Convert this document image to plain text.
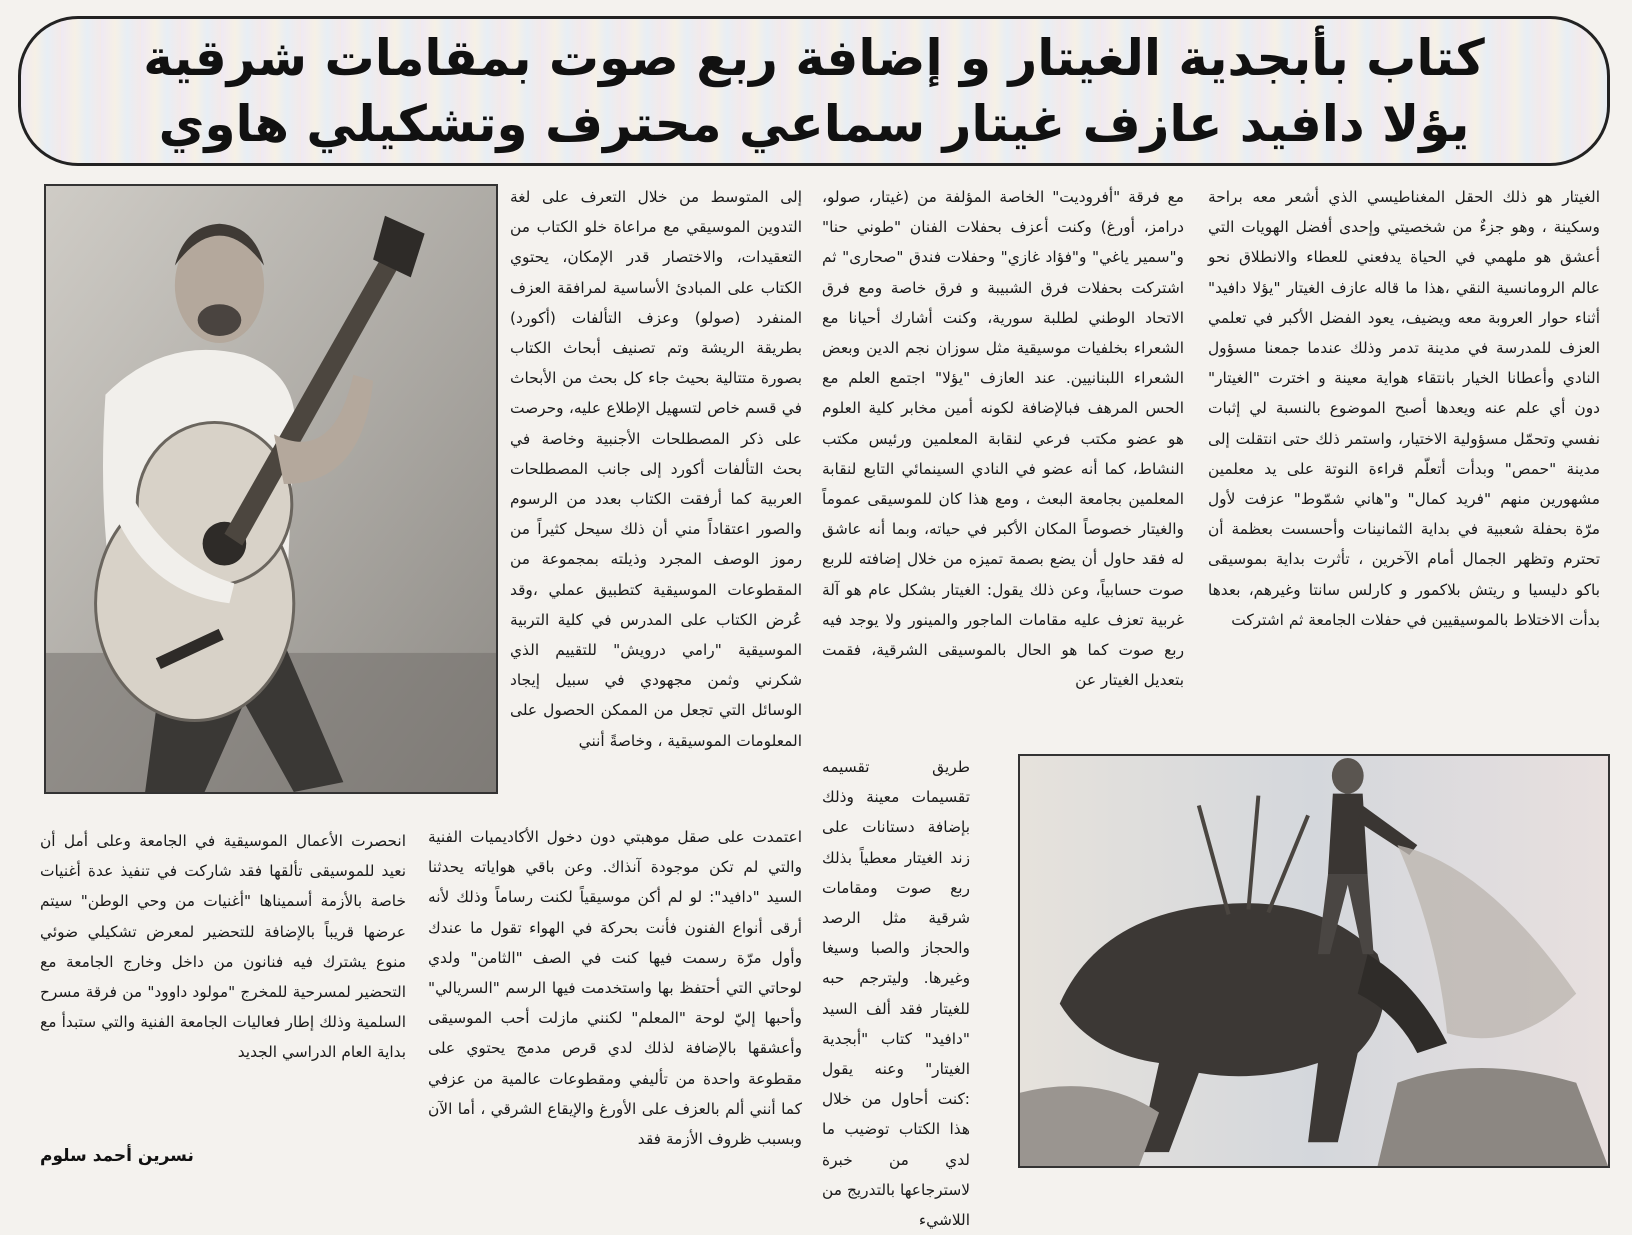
كتاب بأبجدية الغيتار و إضافة ربع صوت بمقامات شرقية
يؤلا دافيد عازف غيتار سماعي محترف وتشكيلي هاوي

الغيتار هو ذلك الحقل المغناطيسي الذي أشعر معه براحة وسكينة ، وهو جزءٌ من شخصيتي وإحدى أفضل الهويات التي أعشق هو ملهمي في الحياة يدفعني للعطاء والانطلاق نحو عالم الرومانسية النقي ،هذا ما قاله عازف الغيتار "يؤلا دافيد" أثناء حوار العروبة معه ويضيف، يعود الفضل الأكبر في تعلمي العزف للمدرسة في مدينة تدمر وذلك عندما جمعنا مسؤول النادي وأعطانا الخيار بانتقاء هواية معينة و اخترت "الغيتار" دون أي علم عنه ويعدها أصبح الموضوع بالنسبة لي إثبات نفسي وتحمّل مسؤولية الاختيار، واستمر ذلك حتى انتقلت إلى مدينة "حمص" وبدأت أتعلّم قراءة النوتة على يد معلمين مشهورين منهم "فريد كمال" و"هاني شمّوط" عزفت لأول مرّة بحفلة شعبية في بداية الثمانينات وأحسست بعظمة أن تحترم وتظهر الجمال أمام الآخرين ، تأثرت بداية بموسيقى باكو دليسيا و ريتش بلاكمور و كارلس سانتا وغيرهم، بعدها بدأت الاختلاط بالموسيقيين في حفلات الجامعة ثم اشتركت

مع فرقة "أفروديت" الخاصة المؤلفة من (غيتار، صولو، درامز، أورغ) وكنت أعزف بحفلات الفنان "طوني حنا" و"سمير ياغي" و"فؤاد غازي" وحفلات فندق "صحارى" ثم اشتركت بحفلات فرق الشبيبة و فرق خاصة ومع فرق الاتحاد الوطني لطلبة سورية، وكنت أشارك أحيانا مع الشعراء بخلفيات موسيقية مثل سوزان نجم الدين وبعض الشعراء اللبنانيين. عند العازف "يؤلا" اجتمع العلم مع الحس المرهف فبالإضافة لكونه أمين مخابر كلية العلوم هو عضو مكتب فرعي لنقابة المعلمين ورئيس مكتب النشاط، كما أنه عضو في النادي السينمائي التابع لنقابة المعلمين بجامعة البعث ، ومع هذا كان للموسيقى عموماً والغيتار خصوصاً المكان الأكبر في حياته، وبما أنه عاشق له فقد حاول أن يضع بصمة تميزه من خلال إضافته للربع صوت حسابياً، وعن ذلك يقول: الغيتار بشكل عام هو آلة غربية تعزف عليه مقامات الماجور والمينور ولا يوجد فيه ربع صوت كما هو الحال بالموسيقى الشرقية، فقمت بتعديل الغيتار عن

إلى المتوسط من خلال التعرف على لغة التدوين الموسيقي مع مراعاة خلو الكتاب من التعقيدات، والاختصار قدر الإمكان، يحتوي الكتاب على المبادئ الأساسية لمرافقة العزف المنفرد (صولو) وعزف التألفات (أكورد) بطريقة الريشة وتم تصنيف أبحاث الكتاب بصورة متتالية بحيث جاء كل بحث من الأبحاث في قسم خاص لتسهيل الإطلاع عليه، وحرصت على ذكر المصطلحات الأجنبية وخاصة في بحث التألفات أكورد إلى جانب المصطلحات العربية كما أرفقت الكتاب بعدد من الرسوم والصور اعتقاداً مني أن ذلك سيحل كثيراً من رموز الوصف المجرد وذيلته بمجموعة من المقطوعات الموسيقية كتطبيق عملي ،وقد عُرض الكتاب على المدرس في كلية التربية الموسيقية "رامي درويش" للتقييم الذي شكرني وثمن مجهودي في سبيل إيجاد الوسائل التي تجعل من الممكن الحصول على المعلومات الموسيقية ، وخاصةً أنني

اعتمدت على صقل موهبتي دون دخول الأكاديميات الفنية والتي لم تكن موجودة آنذاك. وعن باقي هواياته يحدثنا السيد "دافيد": لو لم أكن موسيقياً لكنت رساماً وذلك لأنه أرقى أنواع الفنون فأنت بحركة في الهواء تقول ما عندك وأول مرّة رسمت فيها كنت في الصف "الثامن" ولدي لوحاتي التي أحتفظ بها واستخدمت فيها الرسم "السريالي" وأحبها إليّ لوحة "المعلم" لكنني مازلت أحب الموسيقى وأعشقها بالإضافة لذلك لدي قرص مدمج يحتوي على مقطوعة واحدة من تأليفي ومقطوعات عالمية من عزفي كما أنني ألم بالعزف على الأورغ والإيقاع الشرقي ، أما الآن وبسبب ظروف الأزمة فقد

طريق تقسيمه تقسيمات معينة وذلك بإضافة دستانات على زند الغيتار معطياً بذلك ربع صوت ومقامات شرقية مثل الرصد والحجاز والصبا وسيغا وغيرها. وليترجم حبه للغيتار فقد ألف السيد "دافيد" كتاب "أبجدية الغيتار" وعنه يقول :كنت أحاول من خلال هذا الكتاب توضيب ما لدي من خبرة لاسترجاعها بالتدريج من اللاشيء

انحصرت الأعمال الموسيقية في الجامعة وعلى أمل أن نعيد للموسيقى تألقها فقد شاركت في تنفيذ عدة أغنيات خاصة بالأزمة أسميناها "أغنيات من وحي الوطن" سيتم عرضها قريباً بالإضافة للتحضير لمعرض تشكيلي ضوئي منوع يشترك فيه فنانون من داخل وخارج الجامعة مع التحضير لمسرحية للمخرج "مولود داوود" من فرقة مسرح السلمية وذلك إطار فعاليات الجامعة الفنية والتي ستبدأ مع بداية العام الدراسي الجديد

نسرين أحمد سلوم
